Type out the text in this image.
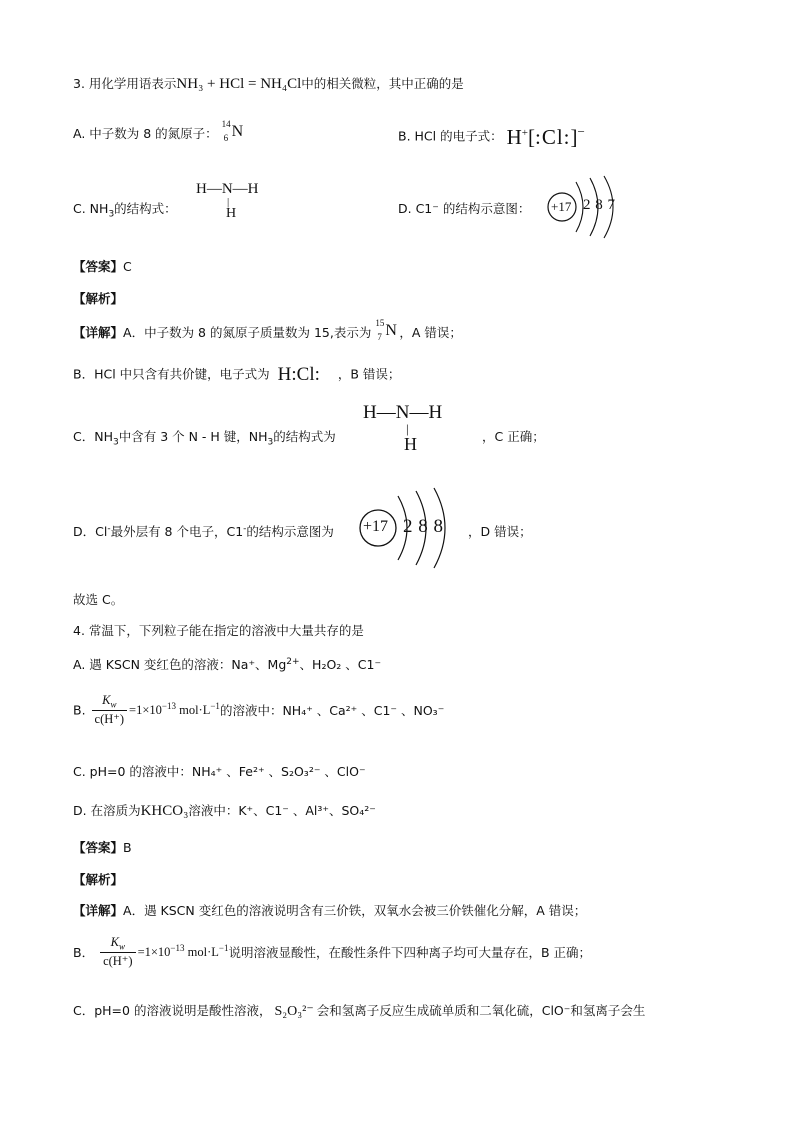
3. 用化学用语表示NH₃ + HCl = NH₄Cl中的相关微粒，其中正确的是
A. 中子数为 8 的氮原子：
14
6 N	B. HCl 的电子式： H+[:Cl:]−
C. $NH_3$的结构式：
H—N—H
|
H	D. C1⁻ 的结构示意图： +17 2 8 7
【答案】C
【解析】
【详解】A．中子数为 8 的氮原子质量数为 15,表示为
15
7 N ，A 错误；
B．HCl 中只含有共价键，电子式为 H:Cl: ，B 错误；
C．$NH_3$中含有 3 个 N - H 键，$NH_3$的结构式为
H—N—H
|
H	，C 正确；
D．Cl-最外层有 8 个电子，C1-的结构示意图为 +17 2 8 8 ，D 错误；
故选 C。
4. 常温下，下列粒子能在指定的溶液中大量共存的是
A. 遇 KSCN 变红色的溶液：Na⁺、$Mg^{2+}$、H₂O₂ 、C1⁻
B. $\frac{K_w}{c(H^+)} =1\times 10^{-13}$ $mol\cdot L^{-1}$的溶液中：NH₄⁺ 、Ca²⁺ 、C1⁻ 、NO₃⁻
C. pH=0 的溶液中：NH₄⁺ 、Fe²⁺ 、S₂O₃²⁻ 、ClO⁻
D. 在溶质为KHCO₃溶液中：K⁺、C1⁻ 、Al³⁺、SO₄²⁻
【答案】B
【解析】
【详解】A．遇 KSCN 变红色的溶液说明含有三价铁，双氧水会被三价铁催化分解，A 错误；
B． $\frac{K_w}{c(H^+)} =1\times 10^{-13}$ $mol\cdot L^{-1}$说明溶液显酸性，在酸性条件下四种离子均可大量存在，B 正确；
C．pH=0 的溶液说明是酸性溶液， S₂O₃²⁻ 会和氢离子反应生成硫单质和二氧化硫，ClO⁻和氢离子会生
